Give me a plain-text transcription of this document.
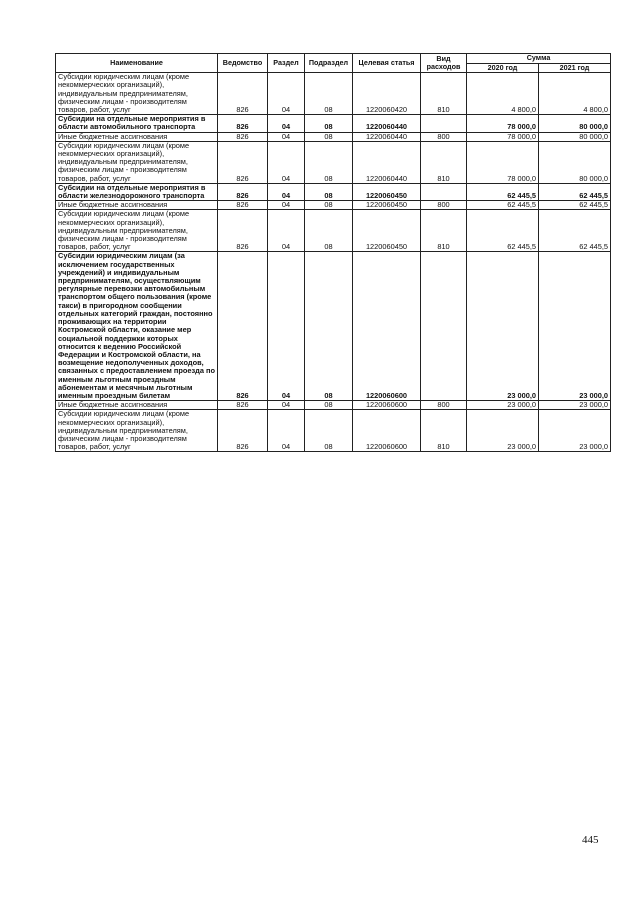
Наименование	Ведомство	Раздел	Подраздел	Целевая статья	Вид расходов	Сумма	
						2020 год	2021 год
Субсидии юридическим лицам (кроме некоммерческих организаций), индивидуальным предпринимателям, физическим лицам - производителям товаров, работ, услуг	826	04	08	1220060420	810	4 800,0	4 800,0
Субсидии на отдельные мероприятия в области автомобильного транспорта	826	04	08	1220060440		78 000,0	80 000,0
Иные бюджетные ассигнования	826	04	08	1220060440	800	78 000,0	80 000,0
Субсидии юридическим лицам (кроме некоммерческих организаций), индивидуальным предпринимателям, физическим лицам - производителям товаров, работ, услуг	826	04	08	1220060440	810	78 000,0	80 000,0
Субсидии на отдельные мероприятия в области железнодорожного транспорта	826	04	08	1220060450		62 445,5	62 445,5
Иные бюджетные ассигнования	826	04	08	1220060450	800	62 445,5	62 445,5
Субсидии юридическим лицам (кроме некоммерческих организаций), индивидуальным предпринимателям, физическим лицам - производителям товаров, работ, услуг	826	04	08	1220060450	810	62 445,5	62 445,5
Субсидии юридическим лицам (за исключением государственных учреждений) и индивидуальным предпринимателям, осуществляющим регулярные перевозки автомобильным транспортом общего пользования (кроме такси) в пригородном сообщении отдельных категорий граждан, постоянно проживающих на территории Костромской области, оказание мер социальной поддержки которых относится к ведению Российской Федерации и Костромской области, на возмещение недополученных доходов, связанных с предоставлением проезда по именным льготным проездным абонементам и месячным льготным именным проездным билетам	826	04	08	1220060600		23 000,0	23 000,0
Иные бюджетные ассигнования	826	04	08	1220060600	800	23 000,0	23 000,0
Субсидии юридическим лицам (кроме некоммерческих организаций), индивидуальным предпринимателям, физическим лицам - производителям товаров, работ, услуг	826	04	08	1220060600	810	23 000,0	23 000,0
445
